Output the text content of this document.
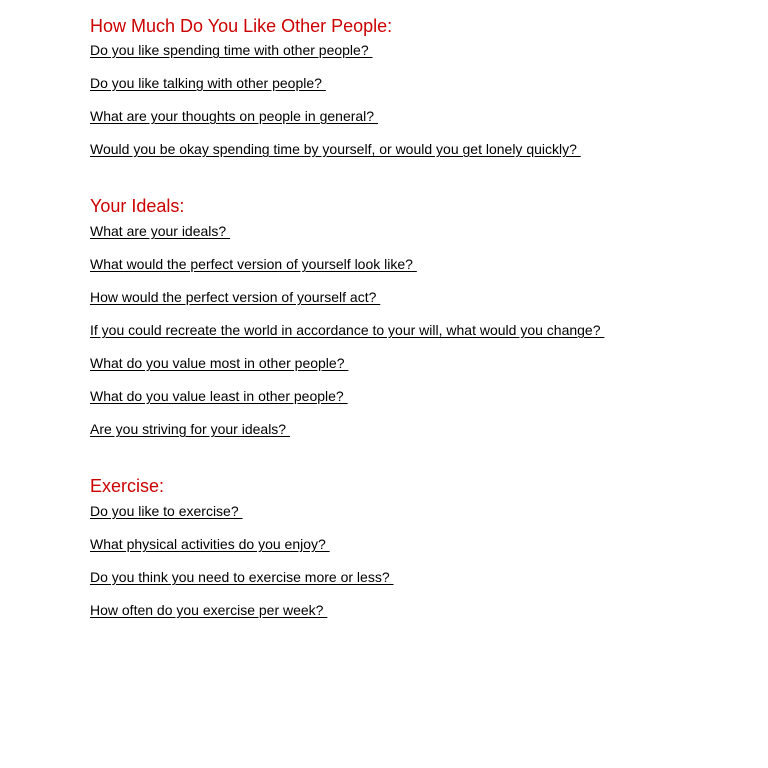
How Much Do You Like Other People:
Do you like spending time with other people?
Do you like talking with other people?
What are your thoughts on people in general?
Would you be okay spending time by yourself, or would you get lonely quickly?
Your Ideals:
What are your ideals?
What would the perfect version of yourself look like?
How would the perfect version of yourself act?
If you could recreate the world in accordance to your will, what would you change?
What do you value most in other people?
What do you value least in other people?
Are you striving for your ideals?
Exercise:
Do you like to exercise?
What physical activities do you enjoy?
Do you think you need to exercise more or less?
How often do you exercise per week?
